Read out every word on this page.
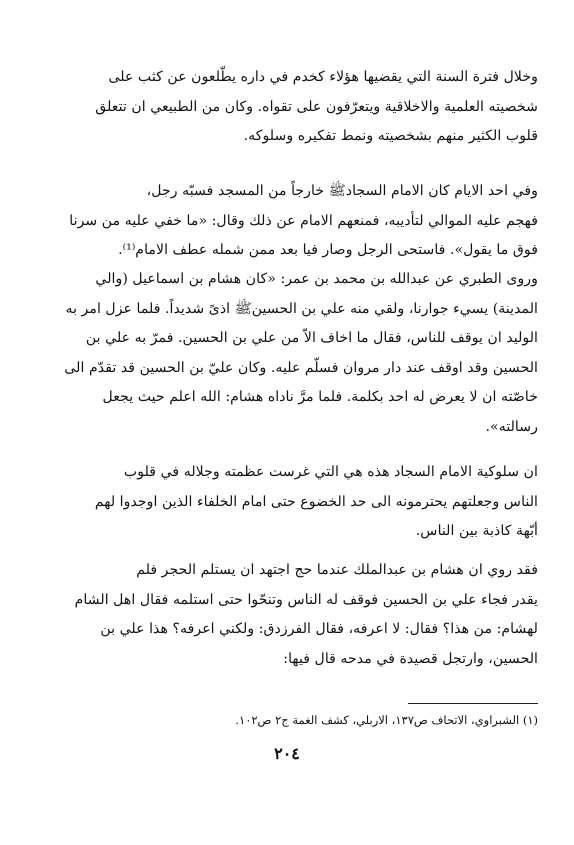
وخلال فترة السنة التي يقضيها هؤلاء كخدم في داره يطّلعون عن كثب على
شخصيته العلمية والاخلاقية ويتعرّفون على تقواه. وكان من الطبيعي ان تتعلق
قلوب الكثير منهم بشخصيته ونمط تفكيره وسلوكه.
وفي احد الايام كان الامام السجادﷺ خارجاً من المسجد فسبّه رجل،
فهجم عليه الموالي لتأديبه، فمنعهم الامام عن ذلك وقال: «ما خفي عليه من سرنا
فوق ما يقول». فاستحى الرجل وصار فيا بعد ممن شمله عطف الامام⁽¹⁾.
وروى الطبري عن عبدالله بن محمد بن عمر: «كان هشام بن اسماعيل (والي
المدينة) يسيء جوارنا، ولقي منه علي بن الحسينﷺ اذىً شديداً. فلما عزل امر به
الوليد ان يوقف للناس، فقال ما اخاف الاّ من علي بن الحسين. فمرّ به علي بن
الحسين وقد اوقف عند دار مروان فسلّم عليه. وكان عليّ بن الحسين قد تقدّم الى
خاصّته ان لا يعرض له احد بكلمة. فلما مرَّ ناداه هشام: الله اعلم حيث يجعل
رسالته».
ان سلوكية الامام السجاد هذه هي التي غرست عظمته وجلاله في قلوب
الناس وجعلتهم يحترمونه الى حد الخضوع حتى امام الخلفاء الذين اوجدوا لهم
أبّهة كاذبة بين الناس.
فقد روي ان هشام بن عبدالملك عندما حج اجتهد ان يستلم الحجر فلم
يقدر فجاء علي بن الحسين فوقف له الناس وتنحّوا حتى استلمه فقال اهل الشام
لهشام: من هذا؟ فقال: لا اعرفه، فقال الفرزدق: ولكني اعرفه؟ هذا علي بن
الحسين، وارتجل قصيدة في مدحه قال فيها:
(١) الشبراوي، الاتحاف ص١٣٧، الاربلي، كشف الغمة ج٢ ص١٠٢.
٢٠٤
